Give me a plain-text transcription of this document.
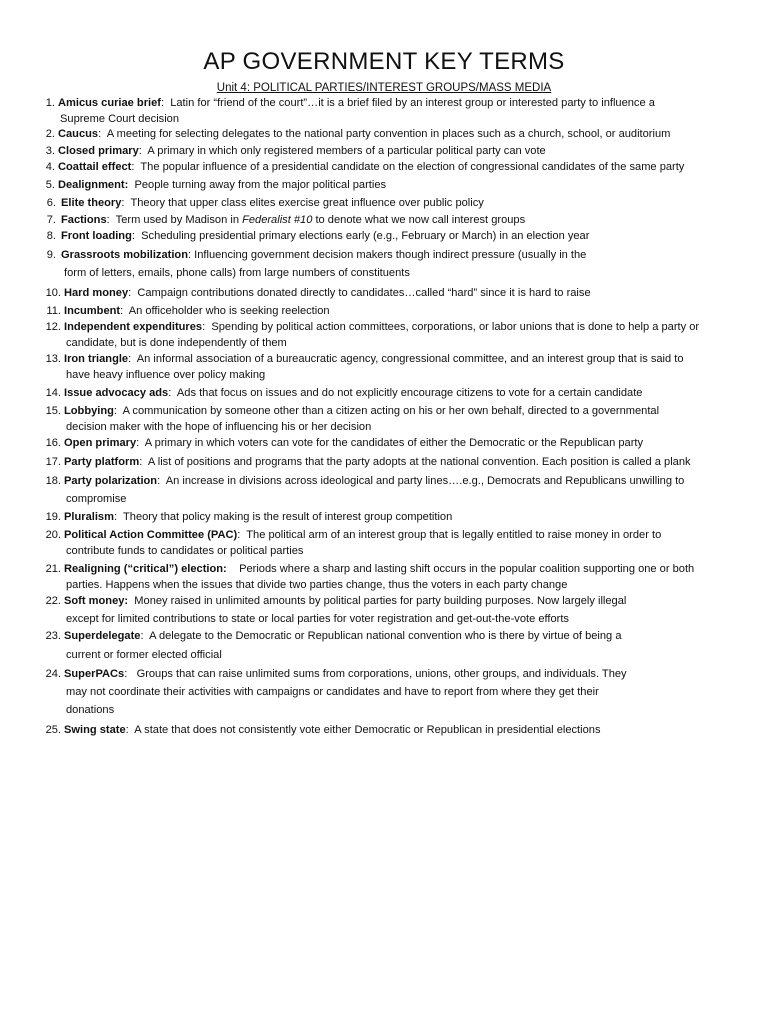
AP GOVERNMENT KEY TERMS
Unit 4: POLITICAL PARTIES/INTEREST GROUPS/MASS MEDIA
1. Amicus curiae brief:  Latin for “friend of the court”…it is a brief filed by an interest group or interested party to influence a
Supreme Court decision
2. Caucus:  A meeting for selecting delegates to the national party convention in places such as a church, school, or auditorium
3. Closed primary:  A primary in which only registered members of a particular political party can vote
4. Coattail effect:  The popular influence of a presidential candidate on the election of congressional candidates of the same party
5. Dealignment: People turning away from the major political parties
6. Elite theory:  Theory that upper class elites exercise great influence over public policy
7. Factions:  Term used by Madison in Federalist #10 to denote what we now call interest groups
8. Front loading:  Scheduling presidential primary elections early (e.g., February or March) in an election year
9. Grassroots mobilization: Influencing government decision makers though indirect pressure (usually in the
form of letters, emails, phone calls) from large numbers of constituents
10. Hard money:  Campaign contributions donated directly to candidates…called “hard” since it is hard to raise
11. Incumbent:  An officeholder who is seeking reelection
12. Independent expenditures:  Spending by political action committees, corporations, or labor unions that is done to help a party or
candidate, but is done independently of them
13. Iron triangle:  An informal association of a bureaucratic agency, congressional committee, and an interest group that is said to
have heavy influence over policy making
14. Issue advocacy ads:  Ads that focus on issues and do not explicitly encourage citizens to vote for a certain candidate
15. Lobbying:  A communication by someone other than a citizen acting on his or her own behalf, directed to a governmental
decision maker with the hope of influencing his or her decision
16. Open primary:  A primary in which voters can vote for the candidates of either the Democratic or the Republican party
17. Party platform:  A list of positions and programs that the party adopts at the national convention. Each position is called a plank
18. Party polarization:  An increase in divisions across ideological and party lines….e.g., Democrats and Republicans unwilling to
compromise
19. Pluralism:  Theory that policy making is the result of interest group competition
20. Political Action Committee (PAC):  The political arm of an interest group that is legally entitled to raise money in order to
contribute funds to candidates or political parties
21. Realigning (“critical”) election: Periods where a sharp and lasting shift occurs in the popular coalition supporting one or both
parties. Happens when the issues that divide two parties change, thus the voters in each party change
22. Soft money: Money raised in unlimited amounts by political parties for party building purposes. Now largely illegal
except for limited contributions to state or local parties for voter registration and get-out-the-vote efforts
23. Superdelegate:  A delegate to the Democratic or Republican national convention who is there by virtue of being a
current or former elected official
24. SuperPACs:   Groups that can raise unlimited sums from corporations, unions, other groups, and individuals. They
may not coordinate their activities with campaigns or candidates and have to report from where they get their
donations
25. Swing state:  A state that does not consistently vote either Democratic or Republican in presidential elections
